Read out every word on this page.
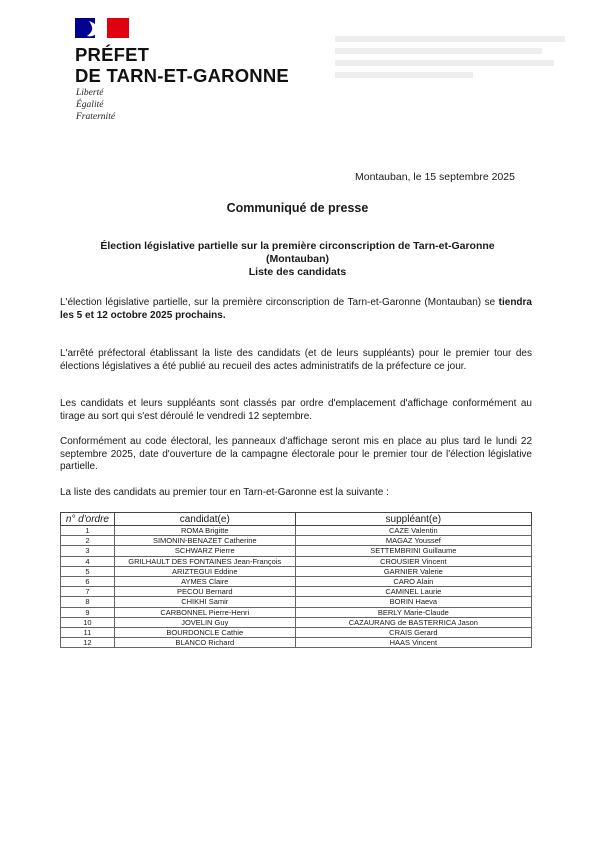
PRÉFET
DE TARN-ET-GARONNE
Liberté
Égalité
Fraternité
Montauban, le 15 septembre 2025
Communiqué de presse
Élection législative partielle sur la première circonscription de Tarn-et-Garonne
(Montauban)
Liste des candidats
L'élection législative partielle, sur la première circonscription de Tarn-et-Garonne (Montauban) se tiendra les 5 et 12 octobre 2025 prochains.
L'arrêté préfectoral établissant la liste des candidats (et de leurs suppléants) pour le premier tour des élections législatives a été publié au recueil des actes administratifs de la préfecture ce jour.
Les candidats et leurs suppléants sont classés par ordre d'emplacement d'affichage conformément au tirage au sort qui s'est déroulé le vendredi 12 septembre.
Conformément au code électoral, les panneaux d'affichage seront mis en place au plus tard le lundi 22 septembre 2025, date d'ouverture de la campagne électorale pour le premier tour de l'élection législative partielle.
La liste des candidats au premier tour en Tarn-et-Garonne est la suivante :
n° d'ordre	candidat(e)	suppléant(e)
1	ROMA Brigitte	CAZE Valentin
2	SIMONIN-BENAZET Catherine	MAGAZ Youssef
3	SCHWARZ Pierre	SETTEMBRINI Guillaume
4	GRILHAULT DES FONTAINES Jean-François	CROUSIER Vincent
5	ARIZTEGUI Eddine	GARNIER Valerie
6	AYMES Claire	CARO Alain
7	PECOU Bernard	CAMINEL Laurie
8	CHIKHI Samir	BORIN Haeva
9	CARBONNEL Pierre-Henri	BERLY Marie-Claude
10	JOVELIN Guy	CAZAURANG de BASTERRICA Jason
11	BOURDONCLE Cathie	CRAIS Gerard
12	BLANCO Richard	HAAS Vincent
